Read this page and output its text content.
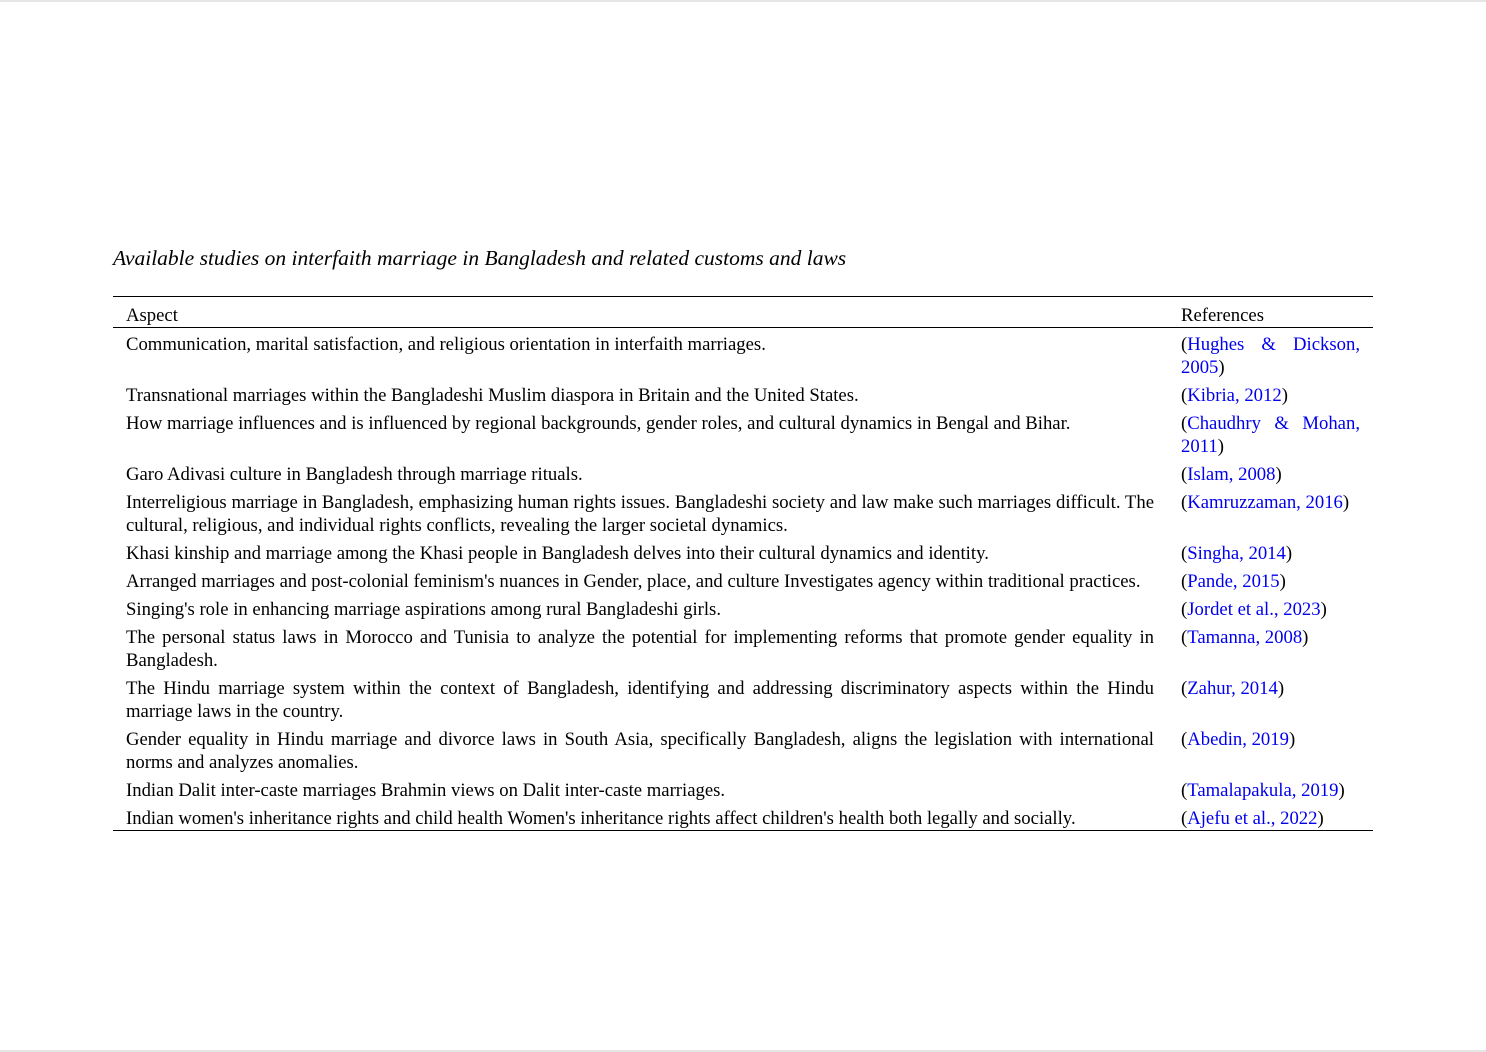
Available studies on interfaith marriage in Bangladesh and related customs and laws
Aspect	References
Communication, marital satisfaction, and religious orientation in interfaith marriages.	(Hughes & Dickson, 2005)
Transnational marriages within the Bangladeshi Muslim diaspora in Britain and the United States.	(Kibria, 2012)
How marriage influences and is influenced by regional backgrounds, gender roles, and cultural dynamics in Bengal and Bihar.	(Chaudhry & Mohan, 2011)
Garo Adivasi culture in Bangladesh through marriage rituals.	(Islam, 2008)
Interreligious marriage in Bangladesh, emphasizing human rights issues. Bangladeshi society and law make such marriages difficult. The cultural, religious, and individual rights conflicts, revealing the larger societal dynamics.	(Kamruzzaman, 2016)
Khasi kinship and marriage among the Khasi people in Bangladesh delves into their cultural dynamics and identity.	(Singha, 2014)
Arranged marriages and post-colonial feminism's nuances in Gender, place, and culture Investigates agency within traditional practices.	(Pande, 2015)
Singing's role in enhancing marriage aspirations among rural Bangladeshi girls.	(Jordet et al., 2023)
The personal status laws in Morocco and Tunisia to analyze the potential for implementing reforms that promote gender equality in Bangladesh.	(Tamanna, 2008)
The Hindu marriage system within the context of Bangladesh, identifying and addressing discriminatory aspects within the Hindu marriage laws in the country.	(Zahur, 2014)
Gender equality in Hindu marriage and divorce laws in South Asia, specifically Bangladesh, aligns the legislation with international norms and analyzes anomalies.	(Abedin, 2019)
Indian Dalit inter-caste marriages Brahmin views on Dalit inter-caste marriages.	(Tamalapakula, 2019)
Indian women's inheritance rights and child health Women's inheritance rights affect children's health both legally and socially.	(Ajefu et al., 2022)
